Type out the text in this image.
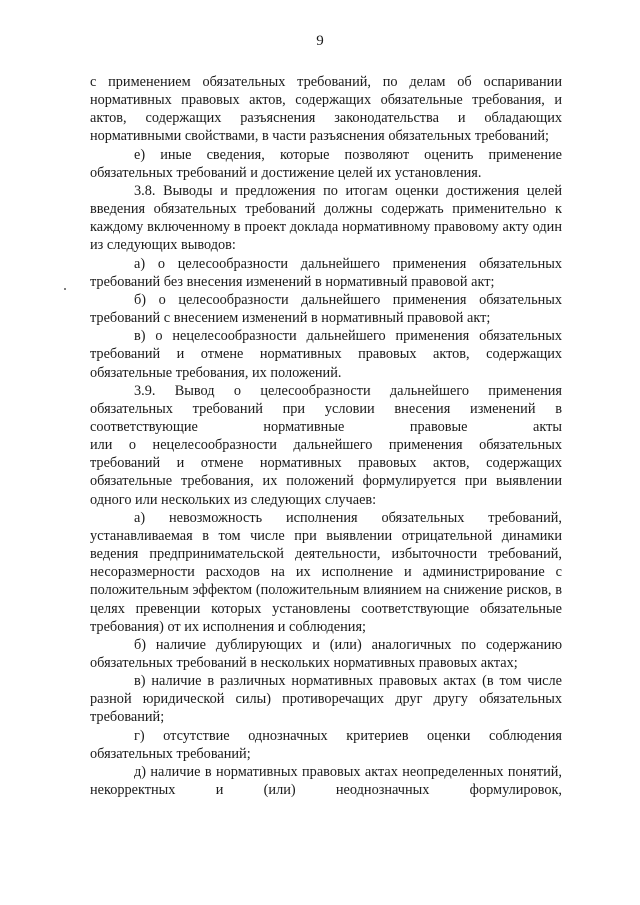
9

с применением обязательных требований, по делам об оспаривании нормативных правовых актов, содержащих обязательные требования, и актов, содержащих разъяснения законодательства и обладающих нормативными свойствами, в части разъяснения обязательных требований;

е) иные сведения, которые позволяют оценить применение обязательных требований и достижение целей их установления.

3.8. Выводы и предложения по итогам оценки достижения целей введения обязательных требований должны содержать применительно к каждому включенному в проект доклада нормативному правовому акту один из следующих выводов:

а) о целесообразности дальнейшего применения обязательных требований без внесения изменений в нормативный правовой акт;

б) о целесообразности дальнейшего применения обязательных требований с внесением изменений в нормативный правовой акт;

в) о нецелесообразности дальнейшего применения обязательных требований и отмене нормативных правовых актов, содержащих обязательные требования, их положений.

3.9. Вывод о целесообразности дальнейшего применения обязательных требований при условии внесения изменений в соответствующие нормативные правовые акты

или о нецелесообразности дальнейшего применения обязательных требований и отмене нормативных правовых актов, содержащих обязательные требования, их положений формулируется при выявлении одного или нескольких из следующих случаев:

а) невозможность исполнения обязательных требований, устанавливаемая в том числе при выявлении отрицательной динамики ведения предпринимательской деятельности, избыточности требований, несоразмерности расходов на их исполнение и администрирование с положительным эффектом (положительным влиянием на снижение рисков, в целях превенции которых установлены соответствующие обязательные требования) от их исполнения и соблюдения;

б) наличие дублирующих и (или) аналогичных по содержанию обязательных требований в нескольких нормативных правовых актах;

в) наличие в различных нормативных правовых актах (в том числе разной юридической силы) противоречащих друг другу обязательных требований;

г) отсутствие однозначных критериев оценки соблюдения обязательных требований;

д) наличие в нормативных правовых актах неопределенных понятий, некорректных и (или) неоднозначных формулировок,
